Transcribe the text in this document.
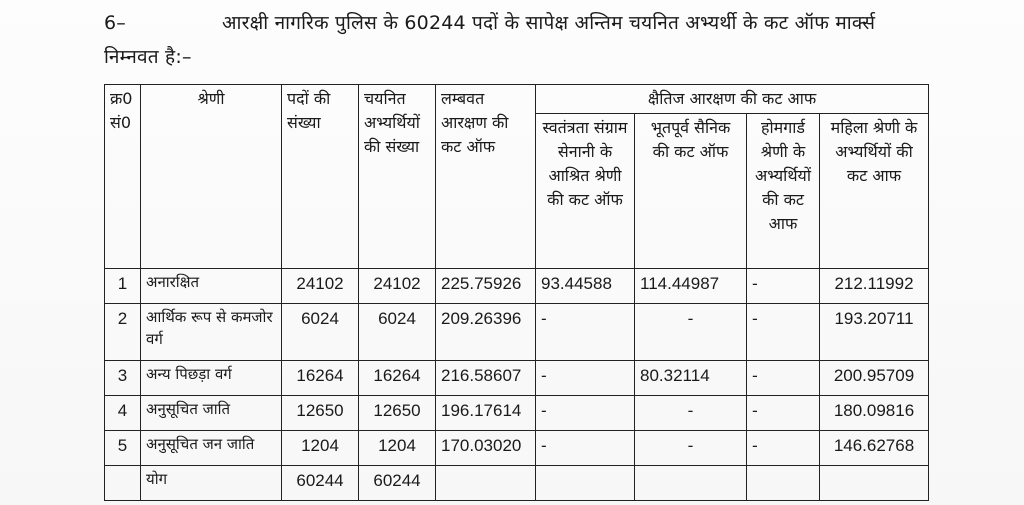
6–	आरक्षी नागरिक पुलिस के 60244 पदों के सापेक्ष अन्तिम चयनित अभ्यर्थी के कट ऑफ मार्क्स
निम्नवत है:–
क्र0 सं0	श्रेणी	पदों की संख्या	चयनित अभ्यर्थियों की संख्या	लम्बवत आरक्षण की कट ऑफ	क्षैतिज आरक्षण की कट आफ			
					स्वतंत्रता संग्राम सेनानी के आश्रित श्रेणी की कट ऑफ	भूतपूर्व सैनिक की कट ऑफ	होमगार्ड श्रेणी के अभ्यर्थियों की कट आफ	महिला श्रेणी के अभ्यर्थियों की कट आफ
1	अनारक्षित	24102	24102	225.75926	93.44588	114.44987	-	212.11992
2	आर्थिक रूप से कमजोर वर्ग	6024	6024	209.26396	-	-	-	193.20711
3	अन्य पिछड़ा वर्ग	16264	16264	216.58607	-	80.32114	-	200.95709
4	अनुसूचित जाति	12650	12650	196.17614	-	-	-	180.09816
5	अनुसूचित जन जाति	1204	1204	170.03020	-	-	-	146.62768
	योग	60244	60244					
